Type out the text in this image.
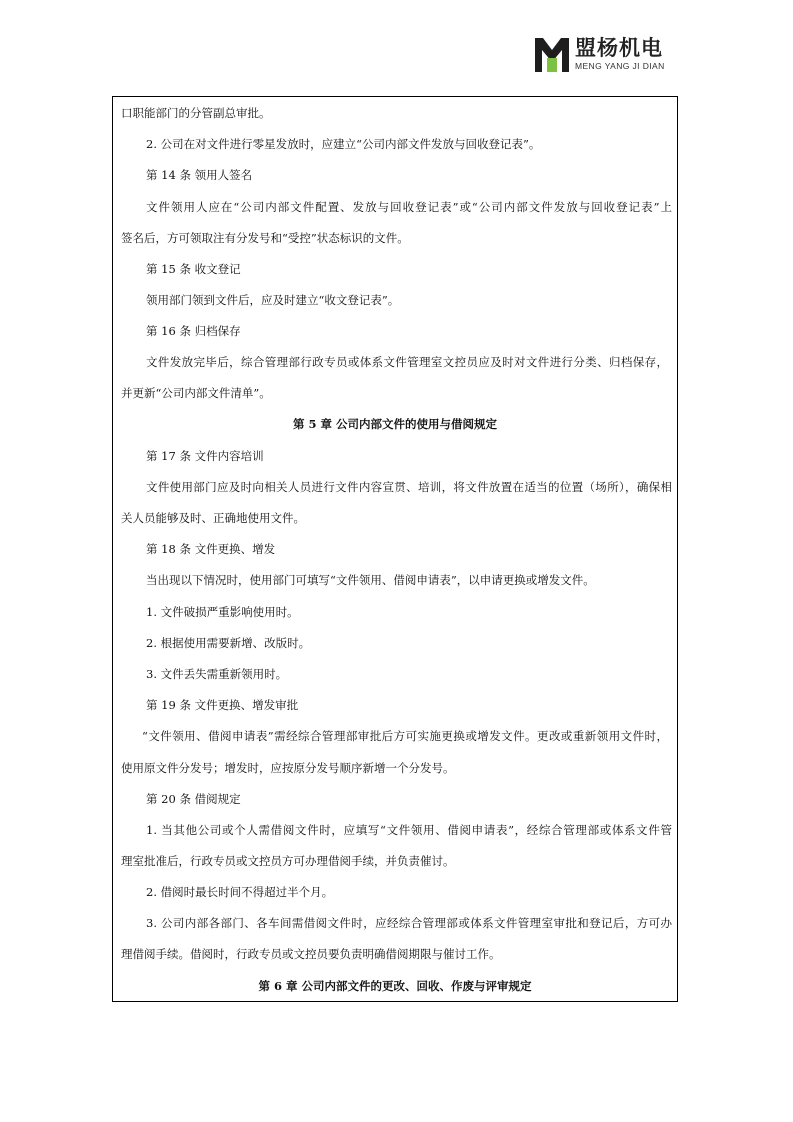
盟杨机电
MENG YANG JI DIAN
口职能部门的分管副总审批。
2. 公司在对文件进行零星发放时，应建立“公司内部文件发放与回收登记表”。
第 14 条 领用人签名
文件领用人应在“公司内部文件配置、发放与回收登记表”或“公司内部文件发放与回收登记表”上
签名后，方可领取注有分发号和“受控”状态标识的文件。
第 15 条 收文登记
领用部门领到文件后，应及时建立“收文登记表”。
第 16 条 归档保存
文件发放完毕后，综合管理部行政专员或体系文件管理室文控员应及时对文件进行分类、归档保存，
并更新“公司内部文件清单”。
第 5 章 公司内部文件的使用与借阅规定
第 17 条 文件内容培训
文件使用部门应及时向相关人员进行文件内容宣贯、培训，将文件放置在适当的位置（场所），确保相
关人员能够及时、正确地使用文件。
第 18 条 文件更换、增发
当出现以下情况时，使用部门可填写“文件领用、借阅申请表”，以申请更换或增发文件。
1. 文件破损严重影响使用时。
2. 根据使用需要新增、改版时。
3. 文件丢失需重新领用时。
第 19 条 文件更换、增发审批
“文件领用、借阅申请表”需经综合管理部审批后方可实施更换或增发文件。更改或重新领用文件时，
使用原文件分发号；增发时，应按原分发号顺序新增一个分发号。
第 20 条 借阅规定
1. 当其他公司或个人需借阅文件时，应填写“文件领用、借阅申请表”，经综合管理部或体系文件管
理室批准后，行政专员或文控员方可办理借阅手续，并负责催讨。
2. 借阅时最长时间不得超过半个月。
3. 公司内部各部门、各车间需借阅文件时，应经综合管理部或体系文件管理室审批和登记后，方可办
理借阅手续。借阅时，行政专员或文控员要负责明确借阅期限与催讨工作。
第 6 章 公司内部文件的更改、回收、作废与评审规定
